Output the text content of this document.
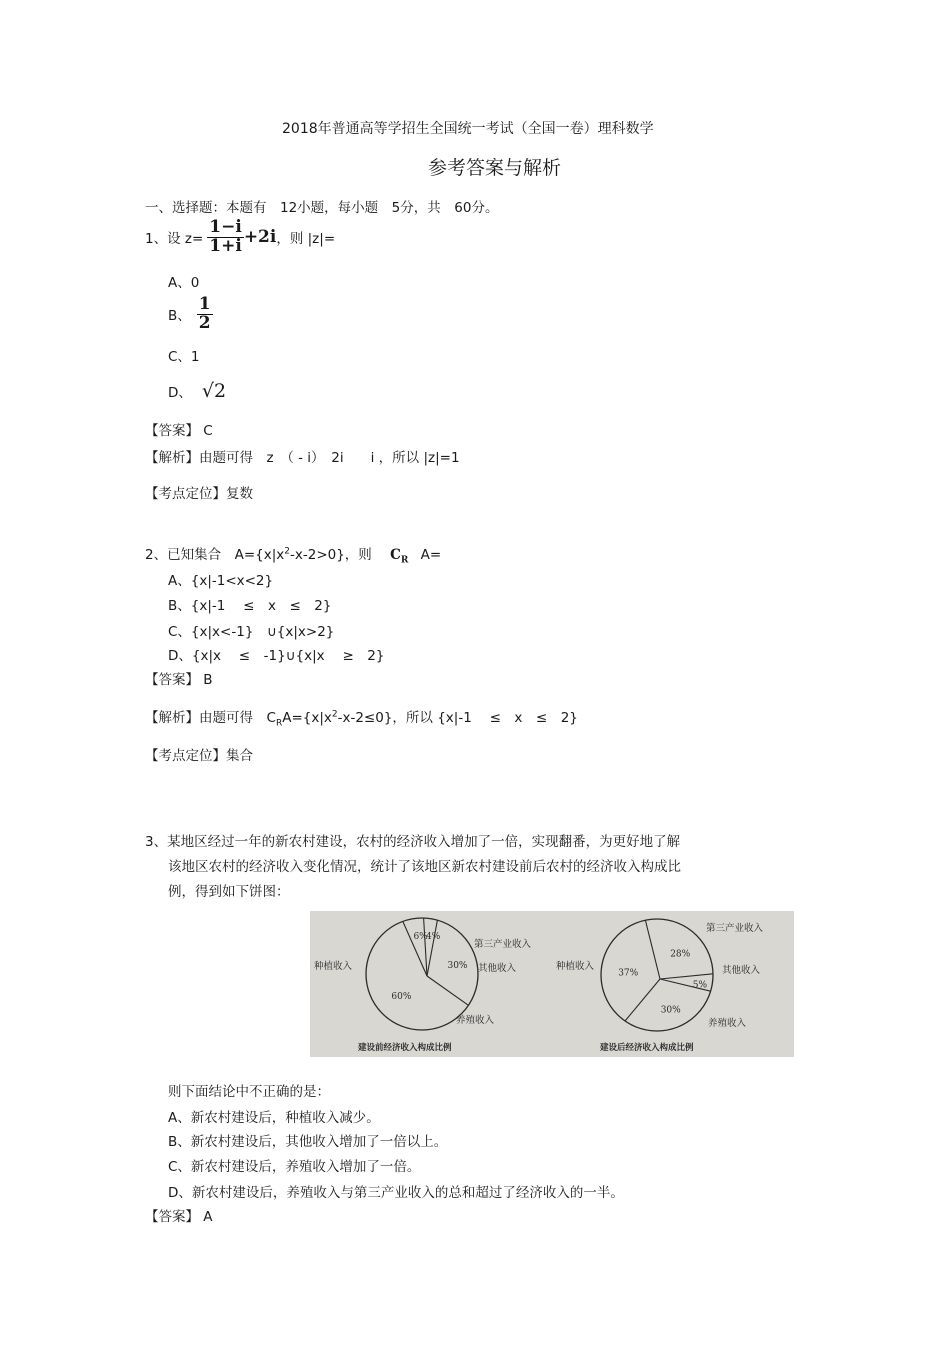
2018年普通高等学招生全国统一考试（全国一卷）理科数学
参考答案与解析
一、选择题：本题有　12小题，每小题　5分，共　60分。
1、设 $z= \frac{1-i}{1+i} +2i$ ，则 |z|=
A、0
B、 $\frac{1}{2}$
C、1
D、 √2
【答案】 C
【解析】由题可得　z　（ - i）　2i　　i ，所以 |z|=1
【考点定位】复数
2、已知集合　$A=\{x|x^2-x-2>0\}$，则 $C_R$ A=
A、{x|-1<x<2}
B、{x|-1　 ≤　x　≤　2}
C、{x|x<-1}　∪{x|x>2}
D、{x|x　 ≤　-1}∪{x|x　 ≥　2}
【答案】 B
【解析】由题可得　$C_RA=\{x|x^2-x-2\le 0\}$，所以 {x|-1　 ≤　x　≤　2}
【考点定位】集合
3、某地区经过一年的新农村建设，农村的经济收入增加了一倍，实现翻番，为更好地了解
该地区农村的经济收入变化情况，统计了该地区新农村建设前后农村的经济收入构成比
例，得到如下饼图：
6%
4%
30%
60%
种植收入
第三产业收入
其他收入
养殖收入
建设前经济收入构成比例
28%
5%
30%
37%
种植收入
第三产业收入
其他收入
养殖收入
建设后经济收入构成比例
则下面结论中不正确的是：
A、新农村建设后，种植收入减少。
B、新农村建设后，其他收入增加了一倍以上。
C、新农村建设后，养殖收入增加了一倍。
D、新农村建设后，养殖收入与第三产业收入的总和超过了经济收入的一半。
【答案】 A
